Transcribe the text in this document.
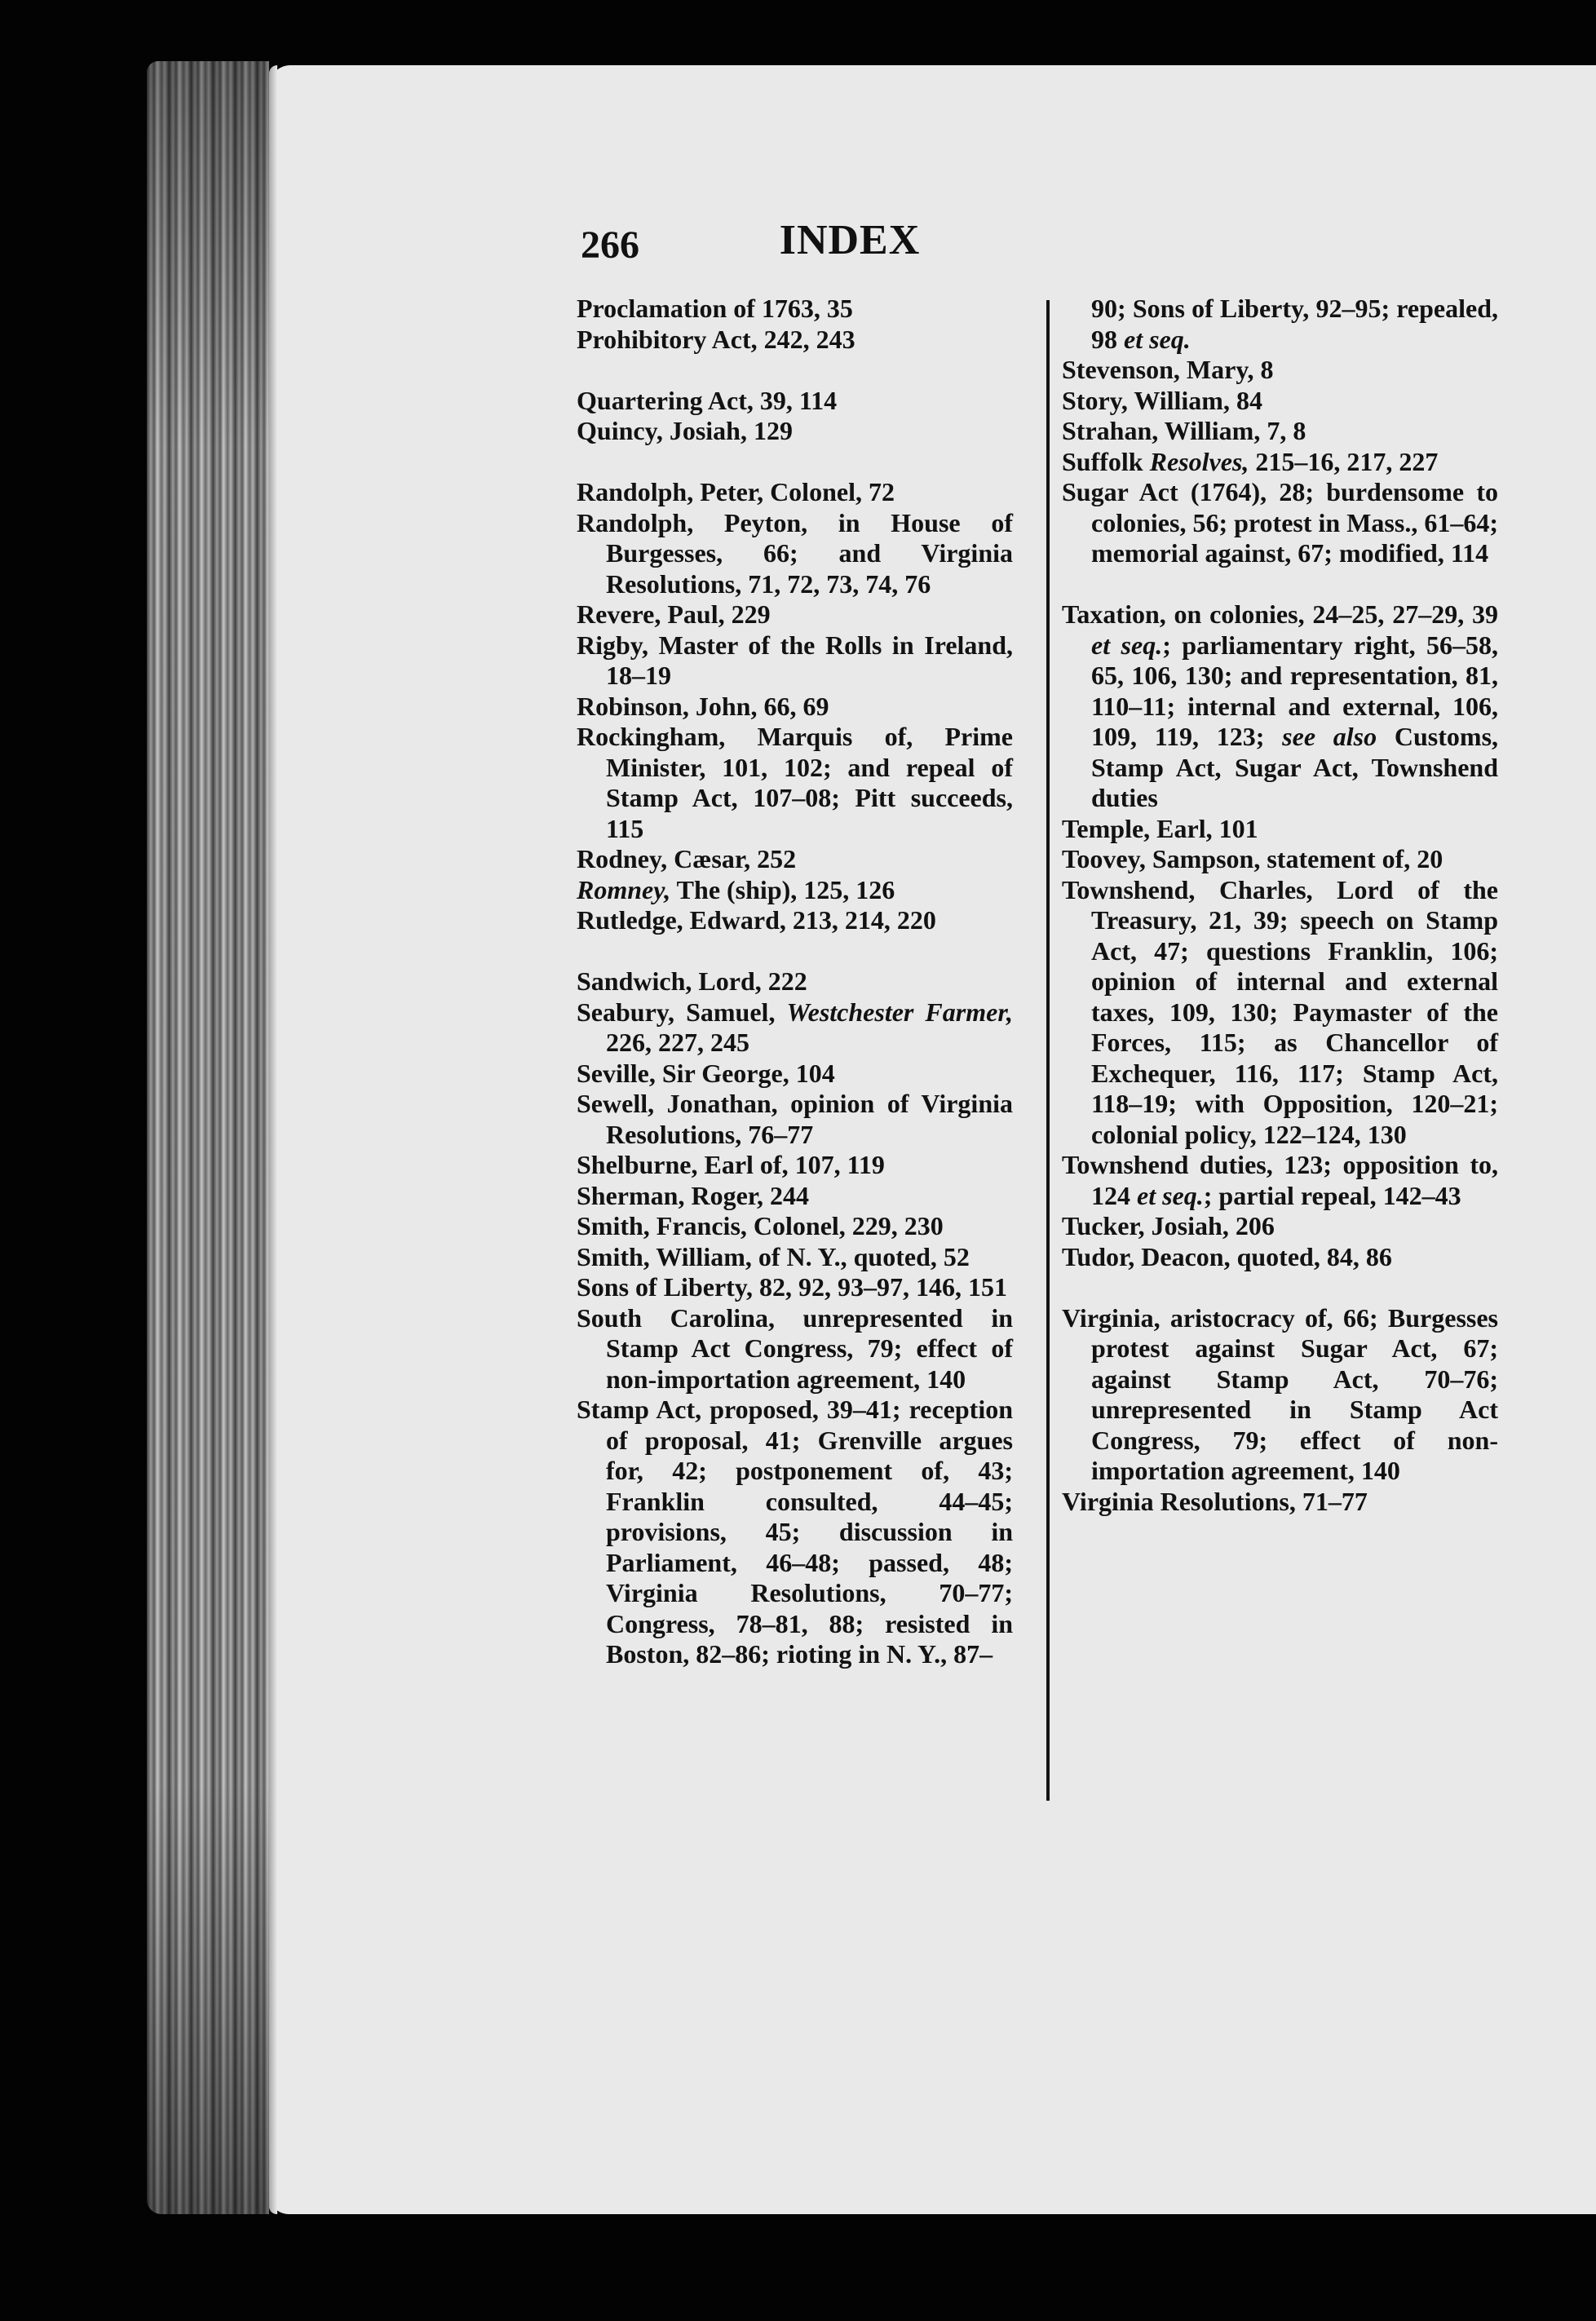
INDEX
266

Proclamation of 1763, 35

Prohibitory Act, 242, 243

Quartering Act, 39, 114

Quincy, Josiah, 129

Randolph, Peter, Colonel, 72

Randolph, Peyton, in House of Burgesses, 66; and Virginia Resolutions, 71, 72, 73, 74, 76

Revere, Paul, 229

Rigby, Master of the Rolls in Ireland, 18–19

Robinson, John, 66, 69

Rockingham, Marquis of, Prime Minister, 101, 102; and repeal of Stamp Act, 107–08; Pitt succeeds, 115

Rodney, Cæsar, 252

Romney, The (ship), 125, 126

Rutledge, Edward, 213, 214, 220

Sandwich, Lord, 222

Seabury, Samuel, Westchester Farmer, 226, 227, 245

Seville, Sir George, 104

Sewell, Jonathan, opinion of Virginia Resolutions, 76–77

Shelburne, Earl of, 107, 119

Sherman, Roger, 244

Smith, Francis, Colonel, 229, 230

Smith, William, of N. Y., quoted, 52

Sons of Liberty, 82, 92, 93–97, 146, 151

South Carolina, unrepresented in Stamp Act Congress, 79; effect of non-importation agreement, 140

Stamp Act, proposed, 39–41; reception of proposal, 41; Grenville argues for, 42; postponement of, 43; Franklin consulted, 44–45; provisions, 45; discussion in Parliament, 46–48; passed, 48; Virginia Resolutions, 70–77; Congress, 78–81, 88; resisted in Boston, 82–86; rioting in N. Y., 87–

90; Sons of Liberty, 92–95; repealed, 98 et seq.

Stevenson, Mary, 8

Story, William, 84

Strahan, William, 7, 8

Suffolk Resolves, 215–16, 217, 227

Sugar Act (1764), 28; burdensome to colonies, 56; protest in Mass., 61–64; memorial against, 67; modified, 114

Taxation, on colonies, 24–25, 27–29, 39 et seq.; parliamentary right, 56–58, 65, 106, 130; and representation, 81, 110–11; internal and external, 106, 109, 119, 123; see also Customs, Stamp Act, Sugar Act, Townshend duties

Temple, Earl, 101

Toovey, Sampson, statement of, 20

Townshend, Charles, Lord of the Treasury, 21, 39; speech on Stamp Act, 47; questions Franklin, 106; opinion of internal and external taxes, 109, 130; Paymaster of the Forces, 115; as Chancellor of Exchequer, 116, 117; Stamp Act, 118–19; with Opposition, 120–21; colonial policy, 122–124, 130

Townshend duties, 123; opposition to, 124 et seq.; partial repeal, 142–43

Tucker, Josiah, 206

Tudor, Deacon, quoted, 84, 86

Virginia, aristocracy of, 66; Burgesses protest against Sugar Act, 67; against Stamp Act, 70–76; unrepresented in Stamp Act Congress, 79; effect of non-importation agreement, 140

Virginia Resolutions, 71–77
